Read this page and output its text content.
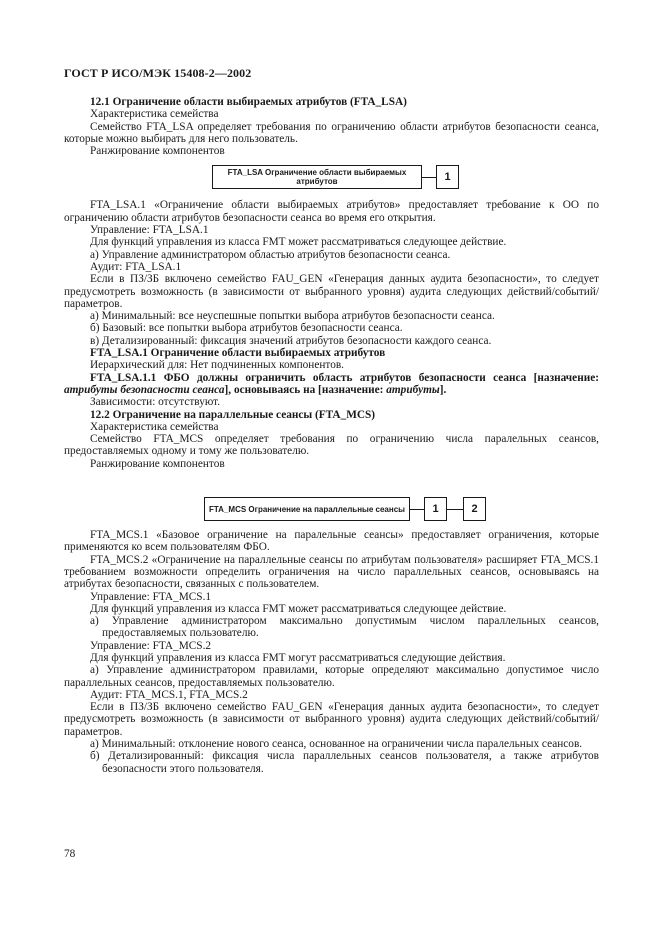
ГОСТ Р ИСО/МЭК 15408-2—2002

12.1 Ограничение области выбираемых атрибутов (FTA_LSA)

Характеристика семейства

Семейство FTA_LSA определяет требования по ограничению области атрибутов безопасности сеанса, которые можно выбирать для него пользователь.

Ранжирование компонентов

FTA_LSA Ограничение области выбираемых атрибутов	1

FTA_LSA.1 «Ограничение области выбираемых атрибутов» предоставляет требование к ОО по ограничению области атрибутов безопасности сеанса во время его открытия.

Управление: FTA_LSA.1

Для функций управления из класса FMT может рассматриваться следующее действие.

а) Управление администратором областью атрибутов безопасности сеанса.

Аудит: FTA_LSA.1

Если в ПЗ/ЗБ включено семейство FAU_GEN «Генерация данных аудита безопасности», то следует предусмотреть возможность (в зависимости от выбранного уровня) аудита следующих действий/событий/параметров.

а) Минимальный: все неуспешные попытки выбора атрибутов безопасности сеанса.

б) Базовый: все попытки выбора атрибутов безопасности сеанса.

в) Детализированный: фиксация значений атрибутов безопасности каждого сеанса.

FTA_LSA.1 Ограничение области выбираемых атрибутов

Иерархический для: Нет подчиненных компонентов.

FTA_LSA.1.1 ФБО должны ограничить область атрибутов безопасности сеанса [назначение: атрибуты безопасности сеанса], основываясь на [назначение: атрибуты].

Зависимости: отсутствуют.

12.2 Ограничение на параллельные сеансы (FTA_MCS)

Характеристика семейства

Семейство FTA_MCS определяет требования по ограничению числа паралельных сеансов, предоставляемых одному и тому же пользователю.

Ранжирование компонентов

FTA_MCS Ограничение на параллельные сеансы	1	2

FTA_MCS.1 «Базовое ограничение на паралельные сеансы» предоставляет ограничения, которые применяются ко всем пользователям ФБО.

FTA_MCS.2 «Ограничение на параллельные сеансы по атрибутам пользователя» расширяет FTA_MCS.1 требованием возможности определить ограничения на число параллельных сеансов, основываясь на атрибутах безопасности, связанных с пользователем.

Управление: FTA_MCS.1

Для функций управления из класса FMT может рассматриваться следующее действие.

а) Управление администратором максимально допустимым числом параллельных сеансов, предоставляемых пользователю.

Управление: FTA_MCS.2

Для функций управления из класса FMT могут рассматриваться следующие действия.

а) Управление администратором правилами, которые определяют максимально допустимое число параллельных сеансов, предоставляемых пользователю.

Аудит: FTA_MCS.1, FTA_MCS.2

Если в ПЗ/ЗБ включено семейство FAU_GEN «Генерация данных аудита безопасности», то следует предусмотреть возможность (в зависимости от выбранного уровня) аудита следующих действий/событий/параметров.

а) Минимальный: отклонение нового сеанса, основанное на ограничении числа паралельных сеансов.

б) Детализированный: фиксация числа параллельных сеансов пользователя, а также атрибутов безопасности этого пользователя.

78
